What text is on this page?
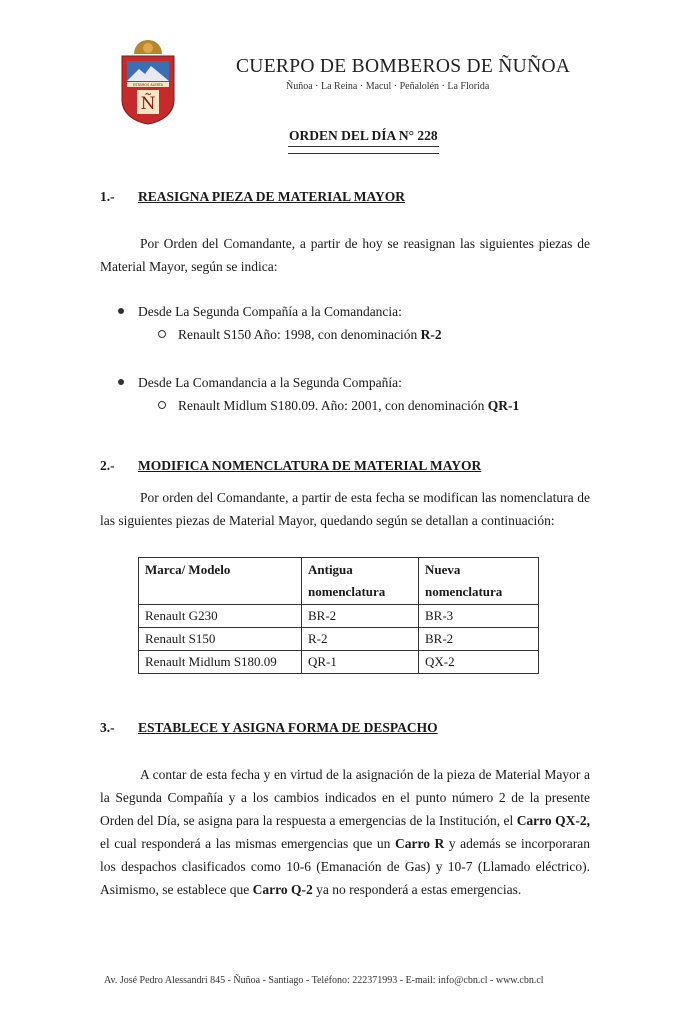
ESTAMOS ALERTA
Ñ
CUERPO DE BOMBEROS DE ÑUÑOA
Ñuñoa · La Reina · Macul · Peñalolén · La Florida
ORDEN DEL DÍA N° 228
1.- REASIGNA PIEZA DE MATERIAL MAYOR

Por Orden del Comandante, a partir de hoy se reasignan las siguientes piezas de Material Mayor, según se indica:

Desde La Segunda Compañía a la Comandancia:
Renault S150 Año: 1998, con denominación R-2
Desde La Comandancia a la Segunda Compañía:
Renault Midlum S180.09. Año: 2001, con denominación QR-1
2.- MODIFICA NOMENCLATURA DE MATERIAL MAYOR

Por orden del Comandante, a partir de esta fecha se modifican las nomenclatura de las siguientes piezas de Material Mayor, quedando según se detallan a continuación:

Marca/ Modelo	Antigua nomenclatura	Nueva nomenclatura
Renault G230	BR-2	BR-3
Renault S150	R-2	BR-2
Renault Midlum S180.09	QR-1	QX-2
3.- ESTABLECE Y ASIGNA FORMA DE DESPACHO

A contar de esta fecha y en virtud de la asignación de la pieza de Material Mayor a la Segunda Compañía y a los cambios indicados en el punto número 2 de la presente Orden del Día, se asigna para la respuesta a emergencias de la Institución, el Carro QX-2, el cual responderá a las mismas emergencias que un Carro R y además se incorporaran los despachos clasificados como 10-6 (Emanación de Gas) y 10-7 (Llamado eléctrico). Asimismo, se establece que Carro Q-2 ya no responderá a estas emergencias.

Av. José Pedro Alessandri 845 - Ñuñoa - Santiago - Teléfono: 222371993 - E-mail: info@cbn.cl - www.cbn.cl
